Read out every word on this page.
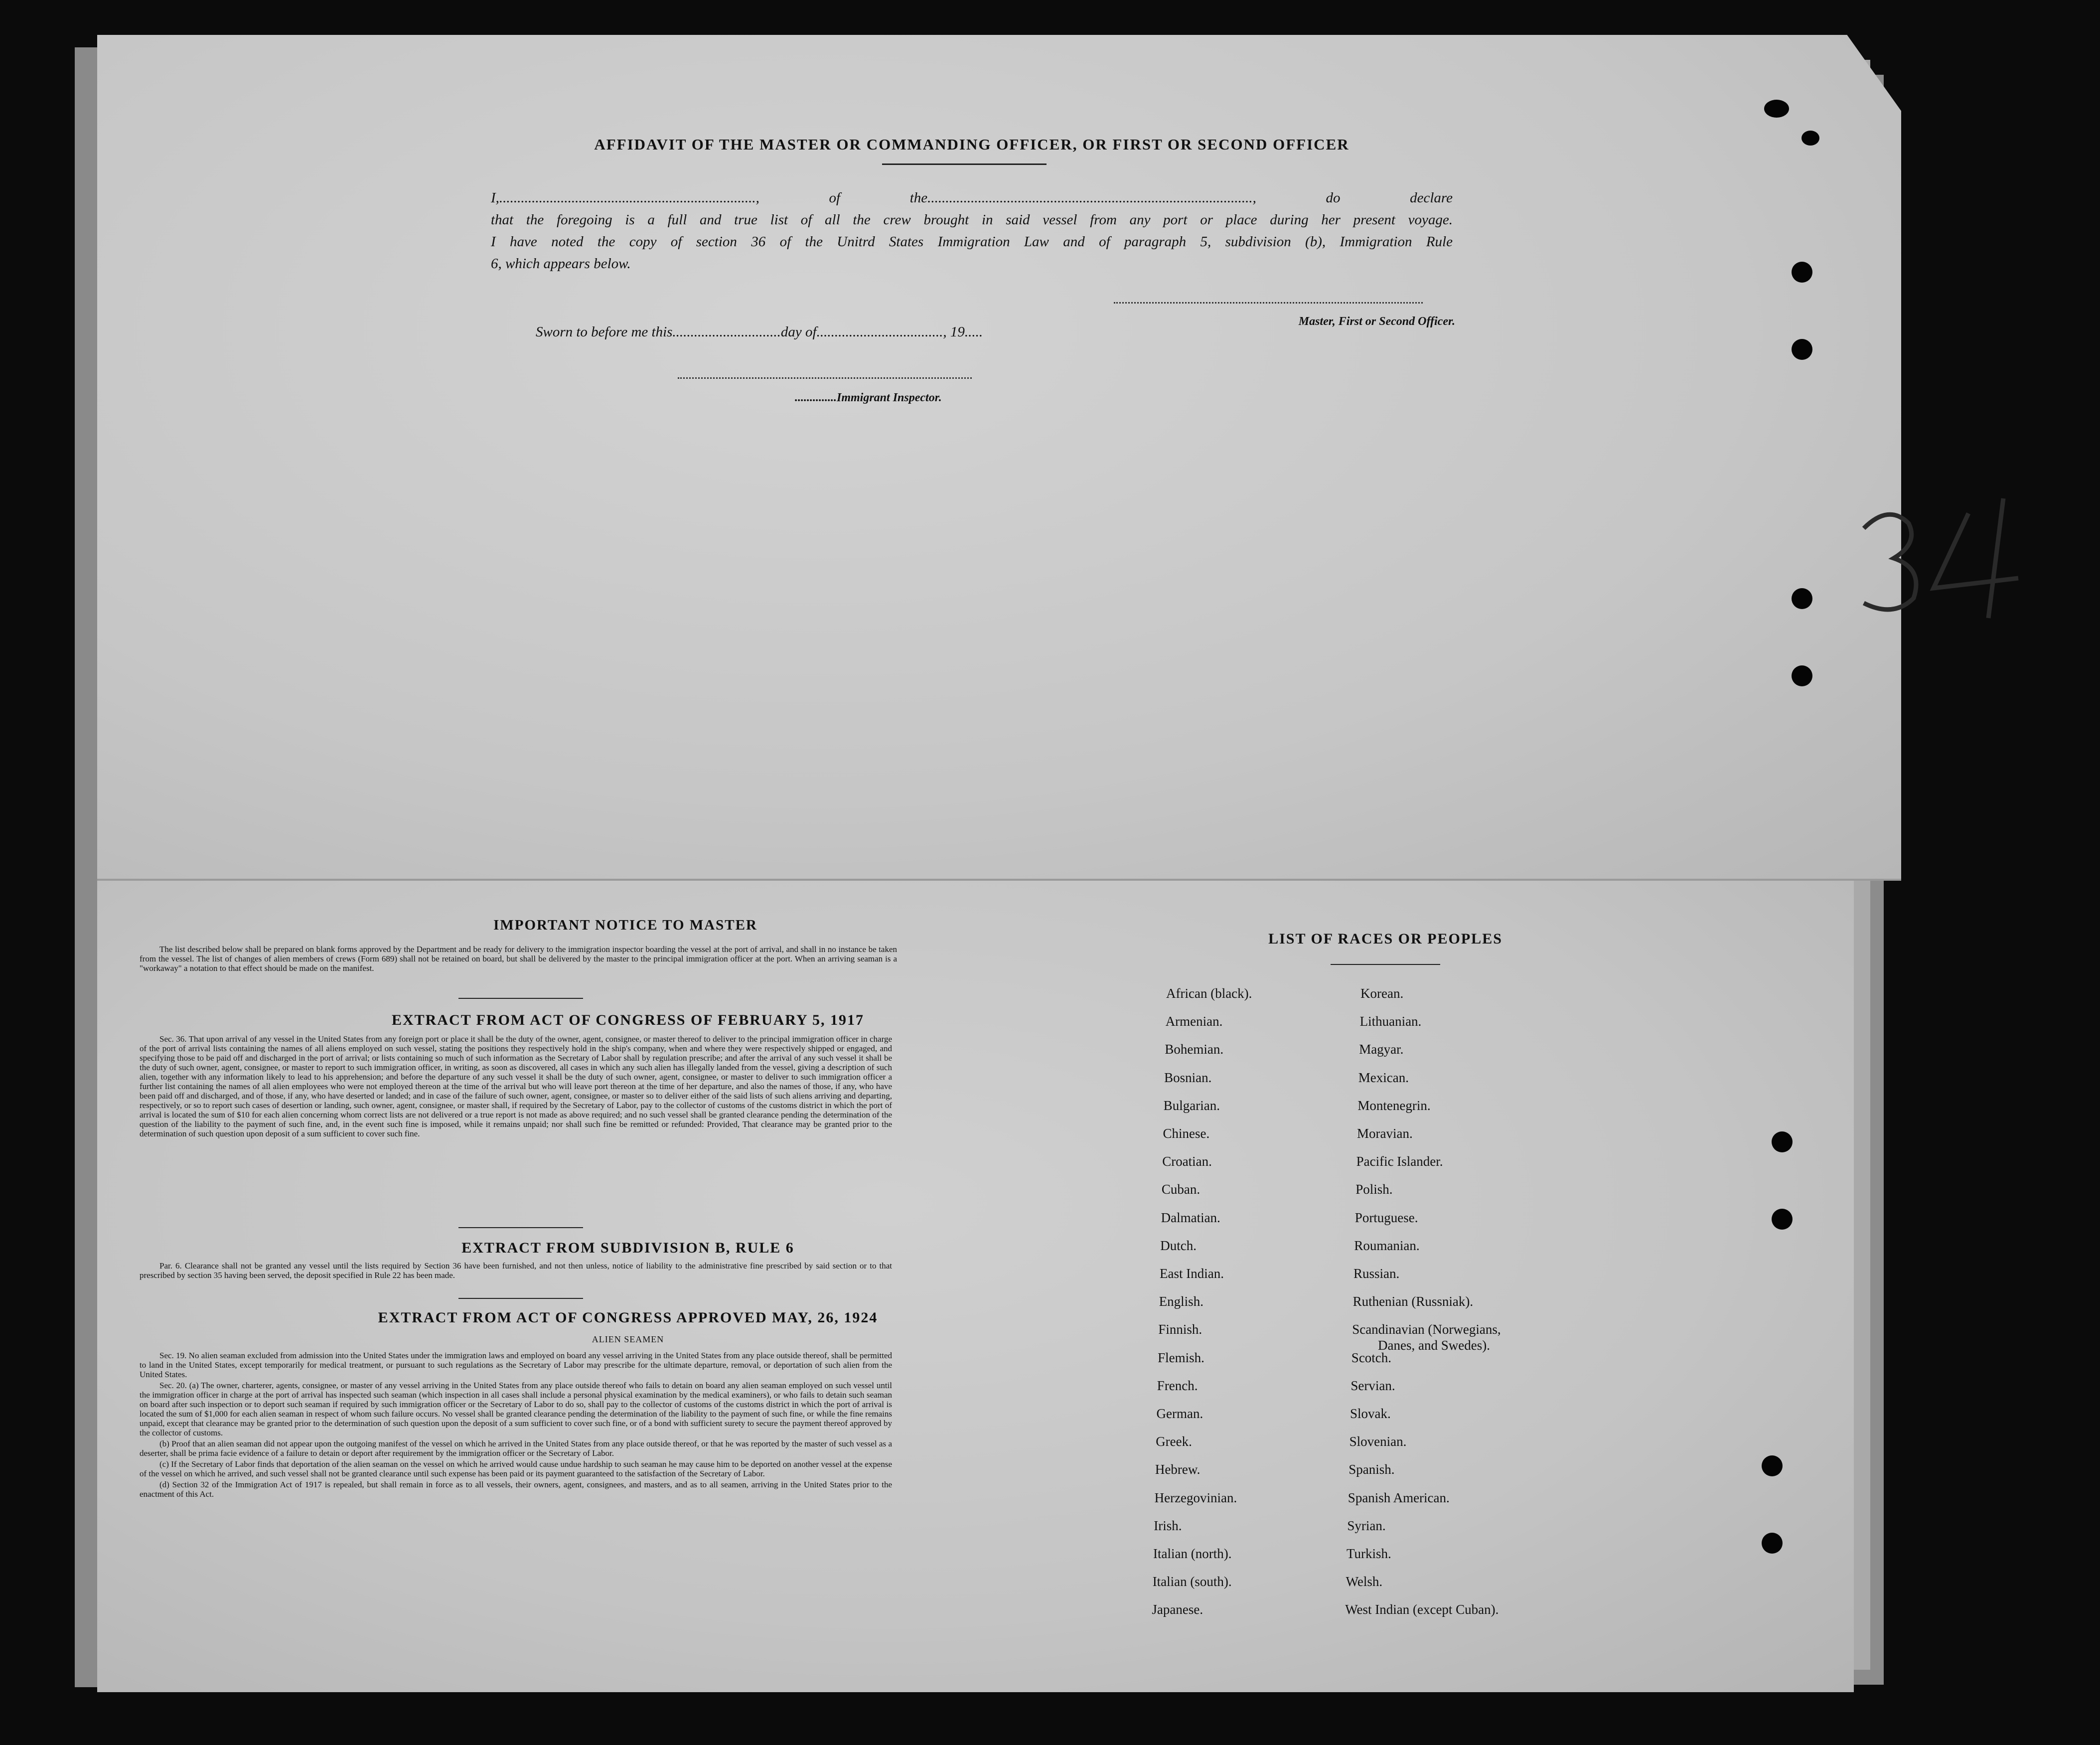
AFFIDAVIT OF THE MASTER OR COMMANDING OFFICER, OR FIRST OR SECOND OFFICER

I,......................................................................., of the.........................................................................................., do declare

that the foregoing is a full and true list of all the crew brought in said vessel from any port or place during her present voyage.

I have noted the copy of section 36 of the Unitrd States Immigration Law and of paragraph 5, subdivision (b), Immigration Rule

6, which appears below.

Master, First or Second Officer.
Sworn to before me this..............................day of..................................., 19.....
..............Immigrant Inspector.
IMPORTANT NOTICE TO MASTER

The list described below shall be prepared on blank forms approved by the Department and be ready for delivery to the immigration inspector boarding the vessel at the port of arrival, and shall in no instance be taken from the vessel. The list of changes of alien members of crews (Form 689) shall not be retained on board, but shall be delivered by the master to the principal immigration officer at the port. When an arriving seaman is a "workaway" a notation to that effect should be made on the manifest.

EXTRACT FROM ACT OF CONGRESS OF FEBRUARY 5, 1917

Sec. 36. That upon arrival of any vessel in the United States from any foreign port or place it shall be the duty of the owner, agent, consignee, or master thereof to deliver to the principal immigration officer in charge of the port of arrival lists containing the names of all aliens employed on such vessel, stating the positions they respectively hold in the ship's company, when and where they were respectively shipped or engaged, and specifying those to be paid off and discharged in the port of arrival; or lists containing so much of such information as the Secretary of Labor shall by regulation prescribe; and after the arrival of any such vessel it shall be the duty of such owner, agent, consignee, or master to report to such immigration officer, in writing, as soon as discovered, all cases in which any such alien has illegally landed from the vessel, giving a description of such alien, together with any information likely to lead to his apprehension; and before the departure of any such vessel it shall be the duty of such owner, agent, consignee, or master to deliver to such immigration officer a further list containing the names of all alien employees who were not employed thereon at the time of the arrival but who will leave port thereon at the time of her departure, and also the names of those, if any, who have been paid off and discharged, and of those, if any, who have deserted or landed; and in case of the failure of such owner, agent, consignee, or master so to deliver either of the said lists of such aliens arriving and departing, respectively, or so to report such cases of desertion or landing, such owner, agent, consignee, or master shall, if required by the Secretary of Labor, pay to the collector of customs of the customs district in which the port of arrival is located the sum of $10 for each alien concerning whom correct lists are not delivered or a true report is not made as above required; and no such vessel shall be granted clearance pending the determination of the question of the liability to the payment of such fine, and, in the event such fine is imposed, while it remains unpaid; nor shall such fine be remitted or refunded: Provided, That clearance may be granted prior to the determination of such question upon deposit of a sum sufficient to cover such fine.

EXTRACT FROM SUBDIVISION B, RULE 6

Par. 6. Clearance shall not be granted any vessel until the lists required by Section 36 have been furnished, and not then unless, notice of liability to the administrative fine prescribed by said section or to that prescribed by section 35 having been served, the deposit specified in Rule 22 has been made.

EXTRACT FROM ACT OF CONGRESS APPROVED MAY, 26, 1924
ALIEN SEAMEN

Sec. 19. No alien seaman excluded from admission into the United States under the immigration laws and employed on board any vessel arriving in the United States from any place outside thereof, shall be permitted to land in the United States, except temporarily for medical treatment, or pursuant to such regulations as the Secretary of Labor may prescribe for the ultimate departure, removal, or deportation of such alien from the United States.

Sec. 20. (a) The owner, charterer, agents, consignee, or master of any vessel arriving in the United States from any place outside thereof who fails to detain on board any alien seaman employed on such vessel until the immigration officer in charge at the port of arrival has inspected such seaman (which inspection in all cases shall include a personal physical examination by the medical examiners), or who fails to detain such seaman on board after such inspection or to deport such seaman if required by such immigration officer or the Secretary of Labor to do so, shall pay to the collector of customs of the customs district in which the port of arrival is located the sum of $1,000 for each alien seaman in respect of whom such failure occurs. No vessel shall be granted clearance pending the determination of the liability to the payment of such fine, or while the fine remains unpaid, except that clearance may be granted prior to the determination of such question upon the deposit of a sum sufficient to cover such fine, or of a bond with sufficient surety to secure the payment thereof approved by the collector of customs.

(b) Proof that an alien seaman did not appear upon the outgoing manifest of the vessel on which he arrived in the United States from any place outside thereof, or that he was reported by the master of such vessel as a deserter, shall be prima facie evidence of a failure to detain or deport after requirement by the immigration officer or the Secretary of Labor.

(c) If the Secretary of Labor finds that deportation of the alien seaman on the vessel on which he arrived would cause undue hardship to such seaman he may cause him to be deported on another vessel at the expense of the vessel on which he arrived, and such vessel shall not be granted clearance until such expense has been paid or its payment guaranteed to the satisfaction of the Secretary of Labor.

(d) Section 32 of the Immigration Act of 1917 is repealed, but shall remain in force as to all vessels, their owners, agent, consignees, and masters, and as to all seamen, arriving in the United States prior to the enactment of this Act.

LIST OF RACES OR PEOPLES
African (black).
Armenian.
Bohemian.
Bosnian.
Bulgarian.
Chinese.
Croatian.
Cuban.
Dalmatian.
Dutch.
East Indian.
English.
Finnish.
Flemish.
French.
German.
Greek.
Hebrew.
Herzegovinian.
Irish.
Italian (north).
Italian (south).
Japanese.
Korean.
Lithuanian.
Magyar.
Mexican.
Montenegrin.
Moravian.
Pacific Islander.
Polish.
Portuguese.
Roumanian.
Russian.
Ruthenian (Russniak).
Scandinavian (Norwegians,
Scotch.
Servian.
Slovak.
Slovenian.
Spanish.
Spanish American.
Syrian.
Turkish.
Welsh.
West Indian (except Cuban).
Danes, and Swedes).
